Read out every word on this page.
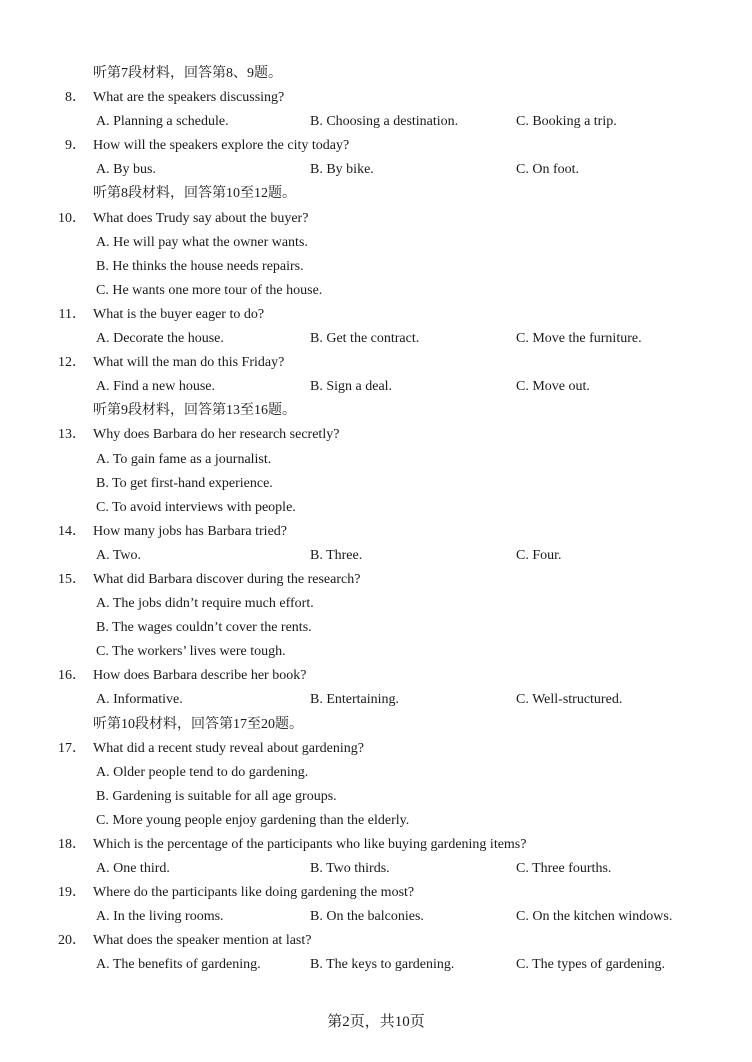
听第7段材料，回答第8、9题。
8． What are the speakers discussing?
A. Planning a schedule.	B. Choosing a destination.	C. Booking a trip.
9． How will the speakers explore the city today?
A. By bus.	B. By bike.	C. On foot.
听第8段材料，回答第10至12题。
10． What does Trudy say about the buyer?
A. He will pay what the owner wants.
B. He thinks the house needs repairs.
C. He wants one more tour of the house.
11． What is the buyer eager to do?
A. Decorate the house.	B. Get the contract.	C. Move the furniture.
12． What will the man do this Friday?
A. Find a new house.	B. Sign a deal.	C. Move out.
听第9段材料，回答第13至16题。
13． Why does Barbara do her research secretly?
A. To gain fame as a journalist.
B. To get first-hand experience.
C. To avoid interviews with people.
14． How many jobs has Barbara tried?
A. Two.	B. Three.	C. Four.
15． What did Barbara discover during the research?
A. The jobs didn’t require much effort.
B. The wages couldn’t cover the rents.
C. The workers’ lives were tough.
16． How does Barbara describe her book?
A. Informative.	B. Entertaining.	C. Well-structured.
听第10段材料，回答第17至20题。
17． What did a recent study reveal about gardening?
A. Older people tend to do gardening.
B. Gardening is suitable for all age groups.
C. More young people enjoy gardening than the elderly.
18． Which is the percentage of the participants who like buying gardening items?
A. One third.	B. Two thirds.	C. Three fourths.
19． Where do the participants like doing gardening the most?
A. In the living rooms.	B. On the balconies.	C. On the kitchen windows.
20． What does the speaker mention at last?
A. The benefits of gardening.	B. The keys to gardening.	C. The types of gardening.
第2页，共10页
